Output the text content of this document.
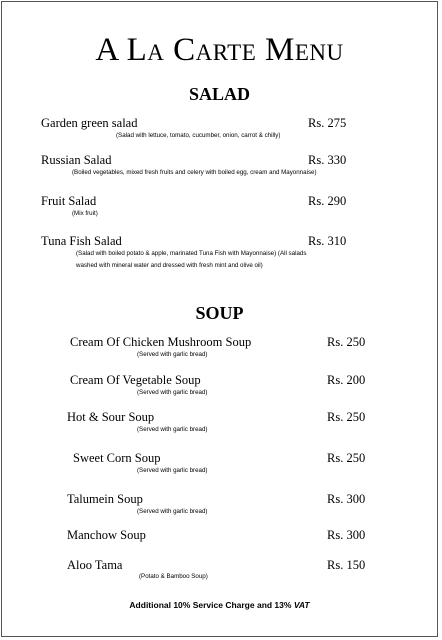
A La Carte Menu
SALAD
Garden green salad	Rs. 275
(Salad with lettuce, tomato, cucumber, onion, carrot & chilly)
Russian Salad	Rs. 330
(Boiled vegetables, mixed fresh fruits and celery with boiled egg, cream and Mayonnaise)
Fruit Salad	Rs. 290
(Mix fruit)
Tuna Fish Salad	Rs. 310
(Salad with boiled potato & apple, marinated Tuna Fish with Mayonnaise) (All salads
washed with mineral water and dressed with fresh mint and olive oil)
SOUP
Cream Of Chicken Mushroom Soup	Rs. 250
(Served with garlic bread)
Cream Of Vegetable Soup	Rs. 200
(Served with garlic bread)
Hot & Sour Soup	Rs. 250
(Served with garlic bread)
Sweet Corn Soup	Rs. 250
(Served with garlic bread)
Talumein Soup	Rs. 300
(Served with garlic bread)
Manchow Soup	Rs. 300
Aloo Tama	Rs. 150
(Potato & Bamboo Soup)
Additional 10% Service Charge and 13% VAT
